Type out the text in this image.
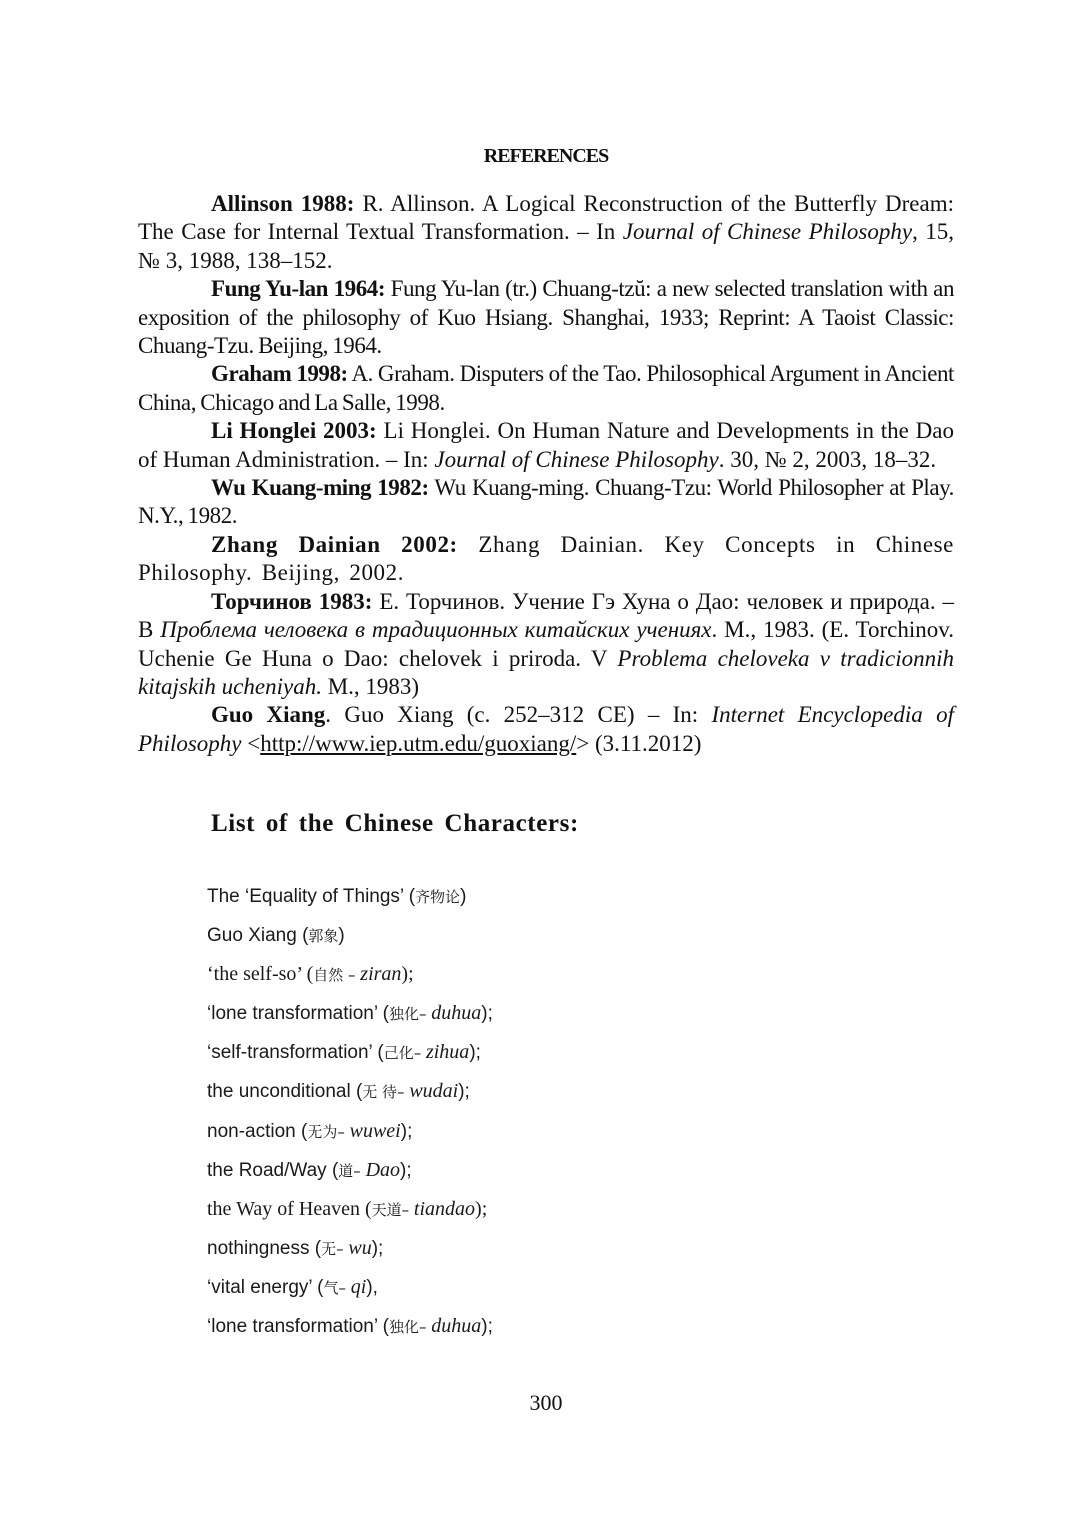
REFERENCES

Allinson 1988: R. Allinson. A Logical Reconstruction of the Butterfly Dream: The Case for Internal Textual Transformation. – In Journal of Chinese Philosophy, 15, № 3, 1988, 138–152.

Fung Yu-lan 1964: Fung Yu-lan (tr.) Chuang-tzŭ: a new selected translation with an exposition of the philosophy of Kuo Hsiang. Shanghai, 1933; Reprint: A Taoist Classic: Chuang-Tzu. Beijing, 1964.

Graham 1998: A. Graham. Disputers of the Tao. Philosophical Argument in Ancient China, Chicago and La Salle, 1998.

Li Honglei 2003: Li Honglei. On Human Nature and Developments in the Dao of Human Administration. – In: Journal of Chinese Philosophy. 30, № 2, 2003, 18–32.

Wu Kuang-ming 1982: Wu Kuang-ming. Chuang-Tzu: World Philosopher at Play. N.Y., 1982.

Zhang Dainian 2002: Zhang Dainian. Key Concepts in Chinese Philosophy. Beijing, 2002.

Торчинов 1983: Е. Торчинов. Учение Гэ Хуна о Дао: человек и природа. – В Проблема человека в традиционных китайских учениях. М., 1983. (E. Torchinov. Uchenie Ge Huna o Dao: chelovek i priroda. V Problema cheloveka v tradicionnih kitajskih ucheniyah. M., 1983)

Guo Xiang. Guo Xiang (c. 252–312 CE) – In: Internet Encyclopedia of Philosophy <http://www.iep.utm.edu/guoxiang/> (3.11.2012)

List of the Chinese Characters:
The ‘Equality of Things’ (齐物论)
Guo Xiang (郭象)
‘the self-so’ (自然 – ziran);
‘lone transformation’ (独化– duhua);
‘self-transformation’ (己化– zihua);
the unconditional (无 待– wudai);
non-action (无为– wuwei);
the Road/Way (道– Dao);
the Way of Heaven (天道– tiandao);
nothingness (无– wu);
‘vital energy’ (气– qi),
‘lone transformation’ (独化– duhua);
300
